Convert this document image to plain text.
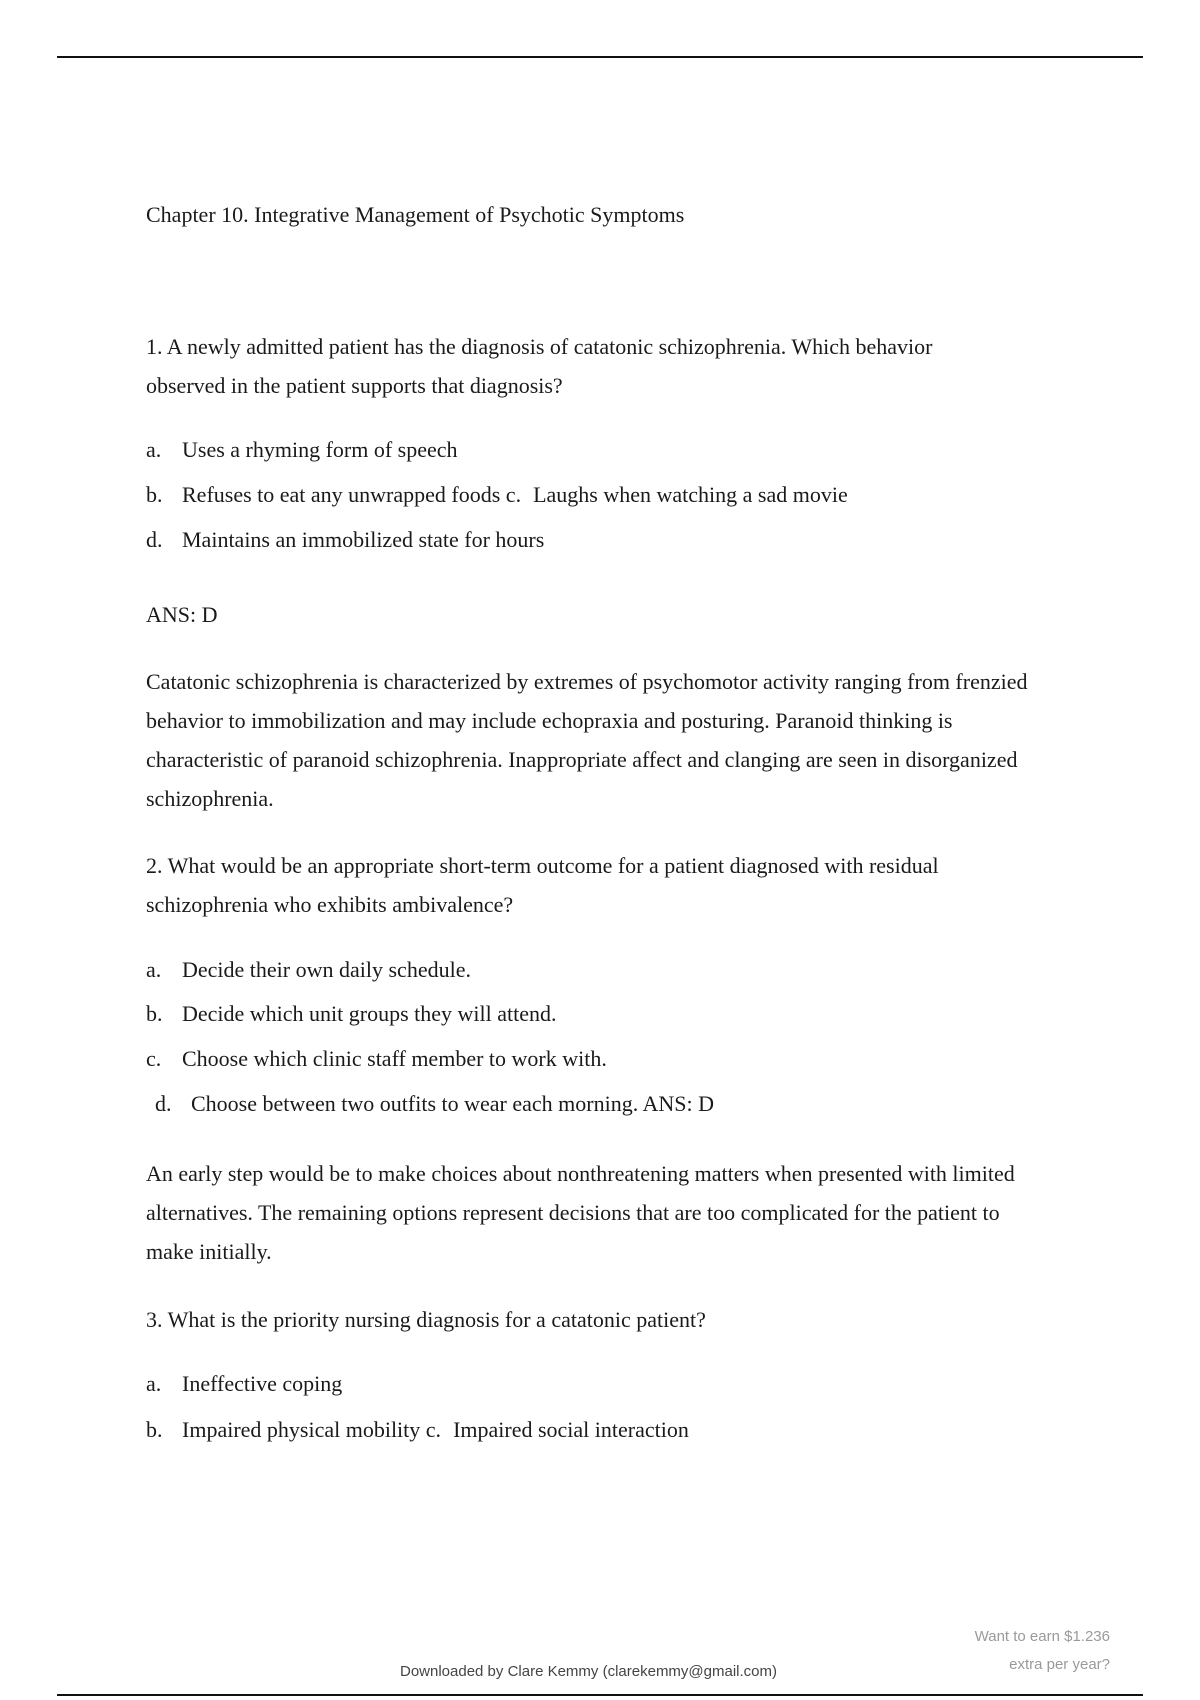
Chapter 10. Integrative Management of Psychotic Symptoms
1. A newly admitted patient has the diagnosis of catatonic schizophrenia. Which behavior
observed in the patient supports that diagnosis?
a. Uses a rhyming form of speech
b. Refuses to eat any unwrapped foods c. Laughs when watching a sad movie
d. Maintains an immobilized state for hours
ANS: D
Catatonic schizophrenia is characterized by extremes of psychomotor activity ranging from frenzied behavior to immobilization and may include echopraxia and posturing. Paranoid thinking is characteristic of paranoid schizophrenia. Inappropriate affect and clanging are seen in disorganized schizophrenia.
2. What would be an appropriate short-term outcome for a patient diagnosed with residual
schizophrenia who exhibits ambivalence?
a. Decide their own daily schedule.
b. Decide which unit groups they will attend.
c. Choose which clinic staff member to work with.
d. Choose between two outfits to wear each morning. ANS: D
An early step would be to make choices about nonthreatening matters when presented with limited alternatives. The remaining options represent decisions that are too complicated for the patient to make initially.
3. What is the priority nursing diagnosis for a catatonic patient?
a. Ineffective coping
b. Impaired physical mobility c. Impaired social interaction
Want to earn $1.236
extra per year?
Downloaded by Clare Kemmy (clarekemmy@gmail.com)
